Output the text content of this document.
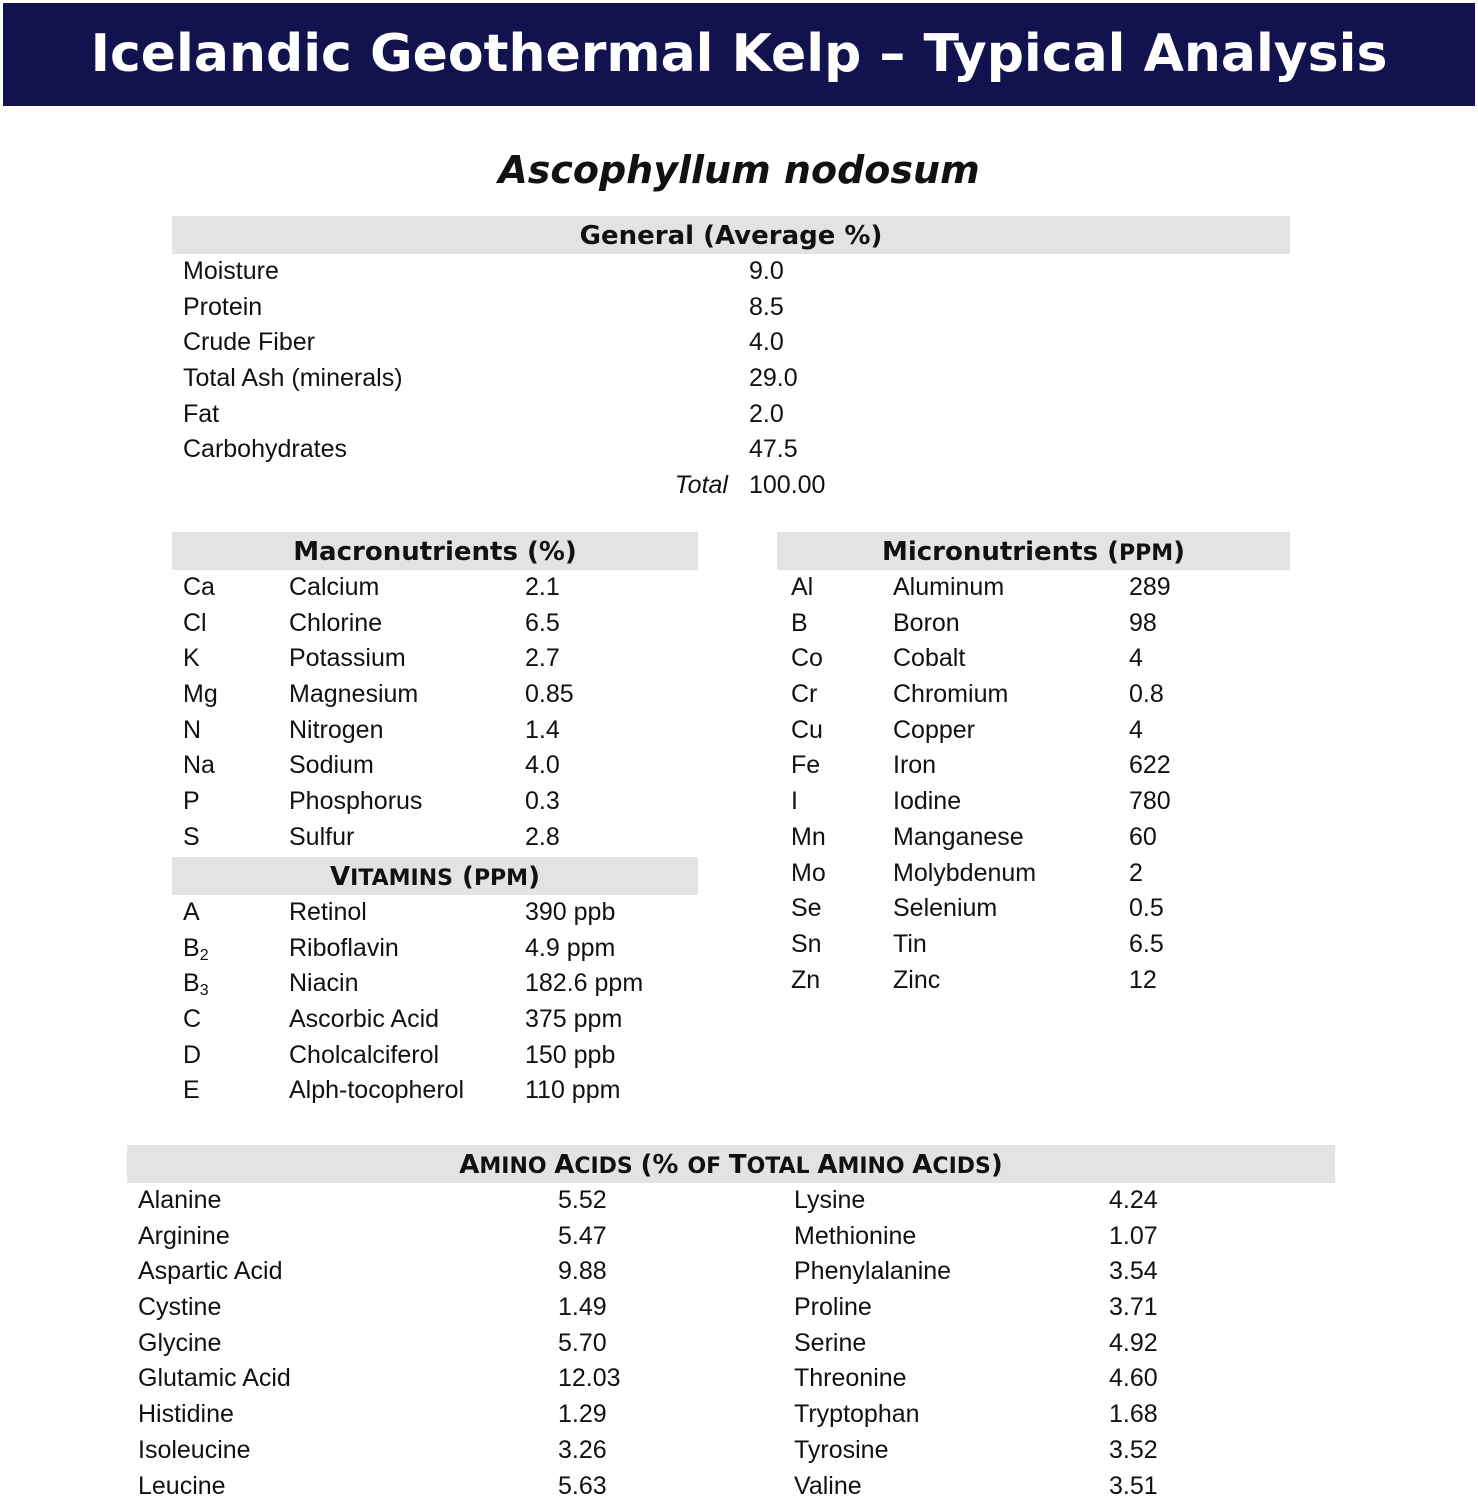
Icelandic Geothermal Kelp – Typical Analysis
Ascophyllum nodosum
General (Average %)
Moisture	9.0
Protein	8.5
Crude Fiber	4.0
Total Ash (minerals)	29.0
Fat	2.0
Carbohydrates	47.5
Total 100.00
Macronutrients (%)
Ca	Calcium	2.1
Cl	Chlorine	6.5
K	Potassium	2.7
Mg	Magnesium	0.85
N	Nitrogen	1.4
Na	Sodium	4.0
P	Phosphorus	0.3
S	Sulfur	2.8
VITAMINS (PPM)
A	Retinol	390 ppb
$B_2$	Riboflavin	4.9 ppm
$B_3$	Niacin	182.6 ppm
C	Ascorbic Acid	375 ppm
D	Cholcalciferol	150 ppb
E	Alph-tocopherol 110 ppm
Micronutrients (PPM)
Al	Aluminum	289
B	Boron	98
Co	Cobalt	4
Cr	Chromium	0.8
Cu	Copper	4
Fe	Iron	622
I	Iodine	780
Mn	Manganese	60
Mo	Molybdenum	2
Se	Selenium	0.5
Sn	Tin	6.5
Zn	Zinc	12
AMINO ACIDS (% OF TOTAL AMINO ACIDS)
Alanine	5.52	Lysine	4.24
Arginine	5.47	Methionine	1.07
Aspartic Acid	9.88	Phenylalanine	3.54
Cystine	1.49	Proline	3.71
Glycine	5.70	Serine	4.92
Glutamic Acid	12.03	Threonine	4.60
Histidine	1.29	Tryptophan	1.68
Isoleucine	3.26	Tyrosine	3.52
Leucine	5.63	Valine	3.51
